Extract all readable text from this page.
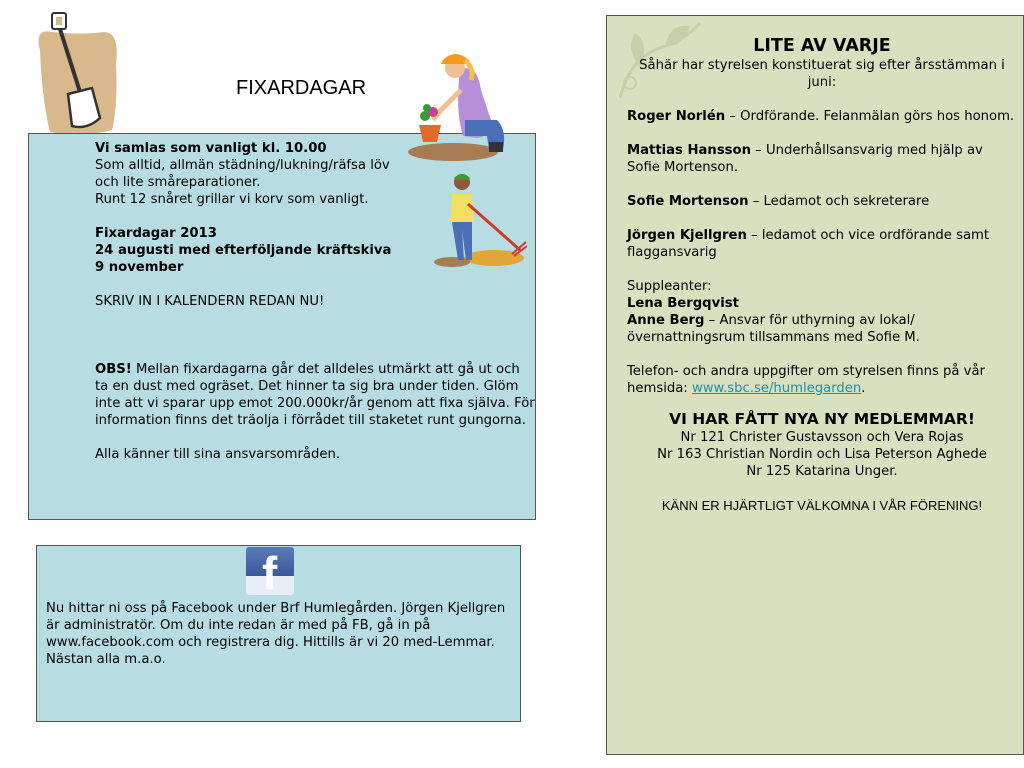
FIXARDAGAR

Vi samlas som vanligt kl. 10.00

Som alltid, allmän städning/lukning/räfsa löv

och lite småreparationer.

Runt 12 snåret grillar vi korv som vanligt.

Fixardagar 2013

24 augusti med efterföljande kräftskiva

9 november

SKRIV IN I KALENDERN REDAN NU!

OBS! Mellan fixardagarna går det alldeles utmärkt att gå ut och ta en dust med ogräset. Det hinner ta sig bra under tiden. Glöm inte att vi sparar upp emot 200.000kr/år genom att fixa själva. För information finns det träolja i förrådet till staketet runt gungorna.

Alla känner till sina ansvarsområden.

f
Nu hittar ni oss på Facebook under Brf Humlegården. Jörgen Kjellgren är administratör. Om du inte redan är med på FB, gå in på www.facebook.com och registrera dig. Hittills är vi 20 med-Lemmar. Nästan alla m.a.o.

LITE AV VARJE

Såhär har styrelsen konstituerat sig efter årsstämman i juni:

Roger Norlén – Ordförande. Felanmälan görs hos honom.

Mattias Hansson – Underhållsansvarig med hjälp av Sofie Mortenson.

Sofie Mortenson – Ledamot och sekreterare

Jörgen Kjellgren – ledamot och vice ordförande samt flaggansvarig

Suppleanter:

Lena Bergqvist

Anne Berg – Ansvar för uthyrning av lokal/övernattningsrum tillsammans med Sofie M.

Telefon- och andra uppgifter om styrelsen finns på vår hemsida: www.sbc.se/humlegarden.

VI HAR FÅTT NYA NY MEDLEMMAR!

Nr 121 Christer Gustavsson och Vera Rojas

Nr 163 Christian Nordin och Lisa Peterson Aghede

Nr 125 Katarina Unger.

KÄNN ER HJÄRTLIGT VÄLKOMNA I VÅR FÖRENING!
